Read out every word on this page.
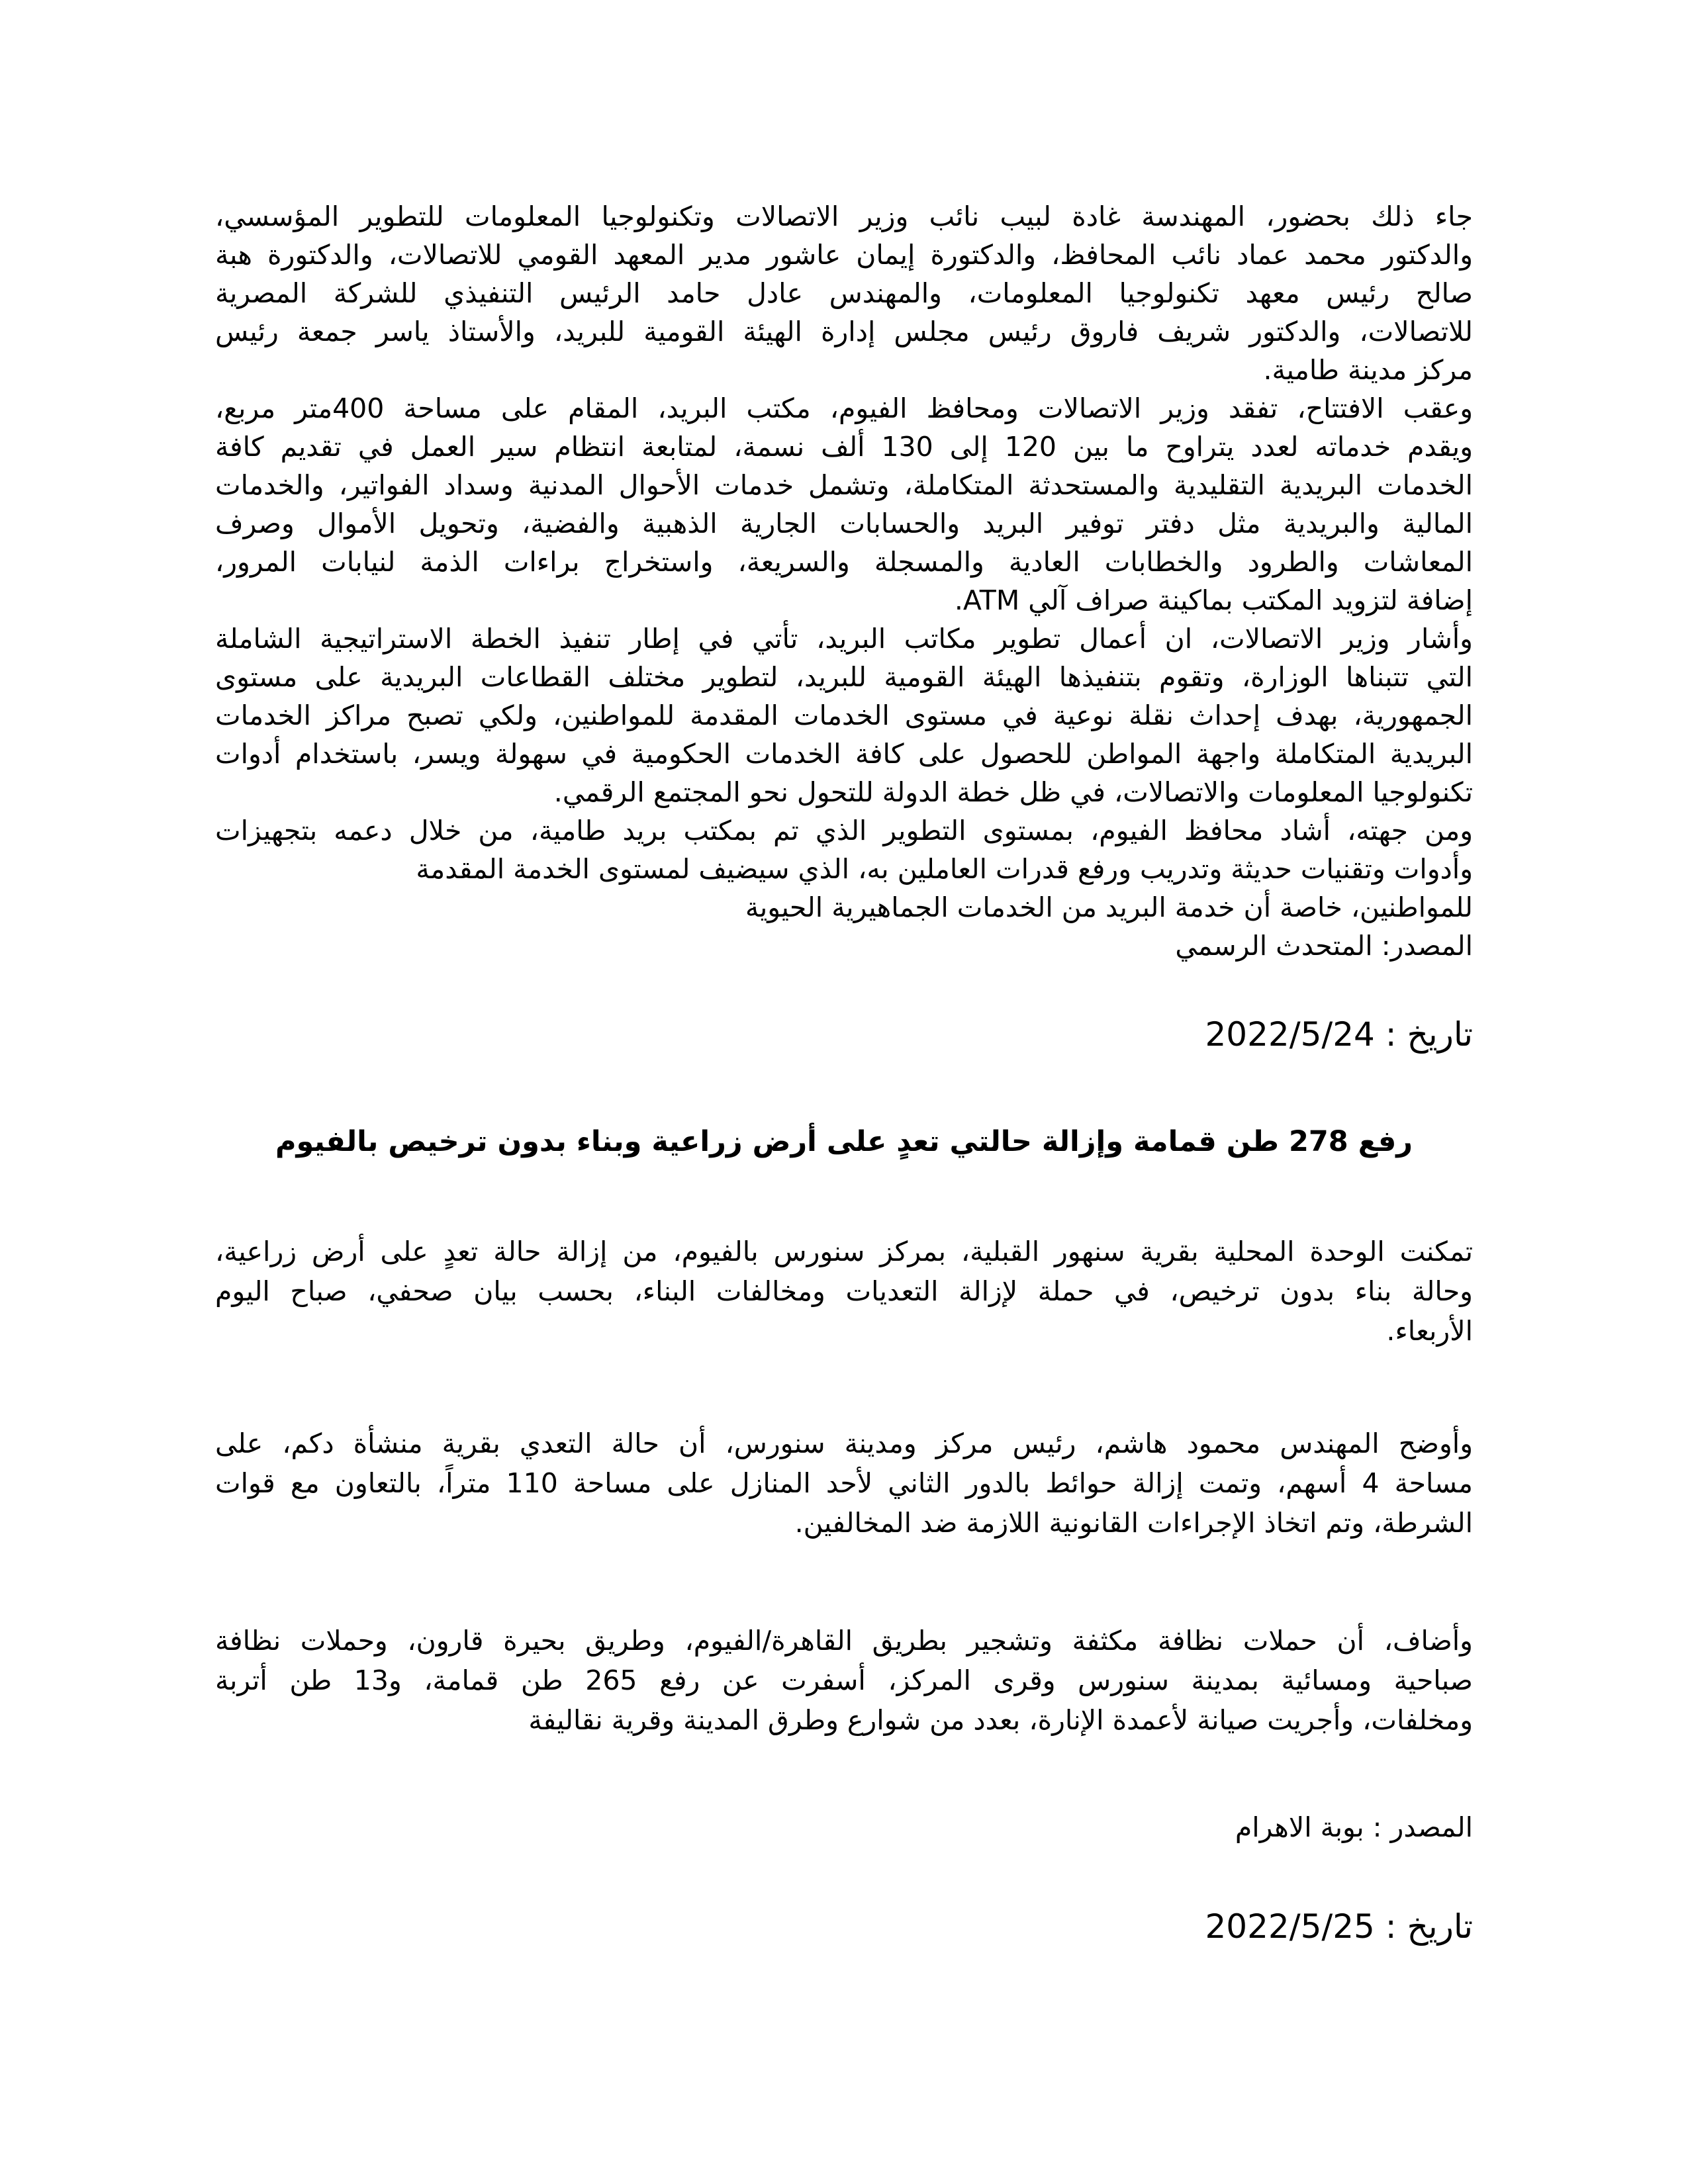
جاء ذلك بحضور، المهندسة غادة لبيب نائب وزير الاتصالات وتكنولوجيا المعلومات للتطوير المؤسسي،
والدكتور محمد عماد نائب المحافظ، والدكتورة إيمان عاشور مدير المعهد القومي للاتصالات، والدكتورة هبة
صالح رئيس معهد تكنولوجيا المعلومات، والمهندس عادل حامد الرئيس التنفيذي للشركة المصرية
للاتصالات، والدكتور شريف فاروق رئيس مجلس إدارة الهيئة القومية للبريد، والأستاذ ياسر جمعة رئيس
مركز مدينة طامية.
وعقب الافتتاح، تفقد وزير الاتصالات ومحافظ الفيوم، مكتب البريد، المقام على مساحة 400متر مربع،
ويقدم خدماته لعدد يتراوح ما بين 120 إلى 130 ألف نسمة، لمتابعة انتظام سير العمل في تقديم كافة
الخدمات البريدية التقليدية والمستحدثة المتكاملة، وتشمل خدمات الأحوال المدنية وسداد الفواتير، والخدمات
المالية والبريدية مثل دفتر توفير البريد والحسابات الجارية الذهبية والفضية، وتحويل الأموال وصرف
المعاشات والطرود والخطابات العادية والمسجلة والسريعة، واستخراج براءات الذمة لنيابات المرور،
إضافة لتزويد المكتب بماكينة صراف آلي ATM.
وأشار وزير الاتصالات، ان أعمال تطوير مكاتب البريد، تأتي في إطار تنفيذ الخطة الاستراتيجية الشاملة
التي تتبناها الوزارة، وتقوم بتنفيذها الهيئة القومية للبريد، لتطوير مختلف القطاعات البريدية على مستوى
الجمهورية، بهدف إحداث نقلة نوعية في مستوى الخدمات المقدمة للمواطنين، ولكي تصبح مراكز الخدمات
البريدية المتكاملة واجهة المواطن للحصول على كافة الخدمات الحكومية في سهولة ويسر، باستخدام أدوات
تكنولوجيا المعلومات والاتصالات، في ظل خطة الدولة للتحول نحو المجتمع الرقمي.
ومن جهته، أشاد محافظ الفيوم، بمستوى التطوير الذي تم بمكتب بريد طامية، من خلال دعمه بتجهيزات
وأدوات وتقنيات حديثة وتدريب ورفع قدرات العاملين به، الذي سيضيف لمستوى الخدمة المقدمة
للمواطنين، خاصة أن خدمة البريد من الخدمات الجماهيرية الحيوية
المصدر: المتحدث الرسمي
تاريخ : 2022/5/24
رفع 278 طن قمامة وإزالة حالتي تعدٍ على أرض زراعية وبناء بدون ترخيص بالفيوم
تمكنت الوحدة المحلية بقرية سنهور القبلية، بمركز سنورس بالفيوم، من إزالة حالة تعدٍ على أرض زراعية،
وحالة بناء بدون ترخيص، في حملة لإزالة التعديات ومخالفات البناء، بحسب بيان صحفي، صباح اليوم
الأربعاء.
وأوضح المهندس محمود هاشم، رئيس مركز ومدينة سنورس، أن حالة التعدي بقرية منشأة دكم، على
مساحة 4 أسهم، وتمت إزالة حوائط بالدور الثاني لأحد المنازل على مساحة 110 متراً، بالتعاون مع قوات
الشرطة، وتم اتخاذ الإجراءات القانونية اللازمة ضد المخالفين.
وأضاف، أن حملات نظافة مكثفة وتشجير بطريق القاهرة/الفيوم، وطريق بحيرة قارون، وحملات نظافة
صباحية ومسائية بمدينة سنورس وقرى المركز، أسفرت عن رفع 265 طن قمامة، و13 طن أتربة
ومخلفات، وأجريت صيانة لأعمدة الإنارة، بعدد من شوارع وطرق المدينة وقرية نقاليفة
المصدر : بوبة الاهرام
تاريخ : 2022/5/25
